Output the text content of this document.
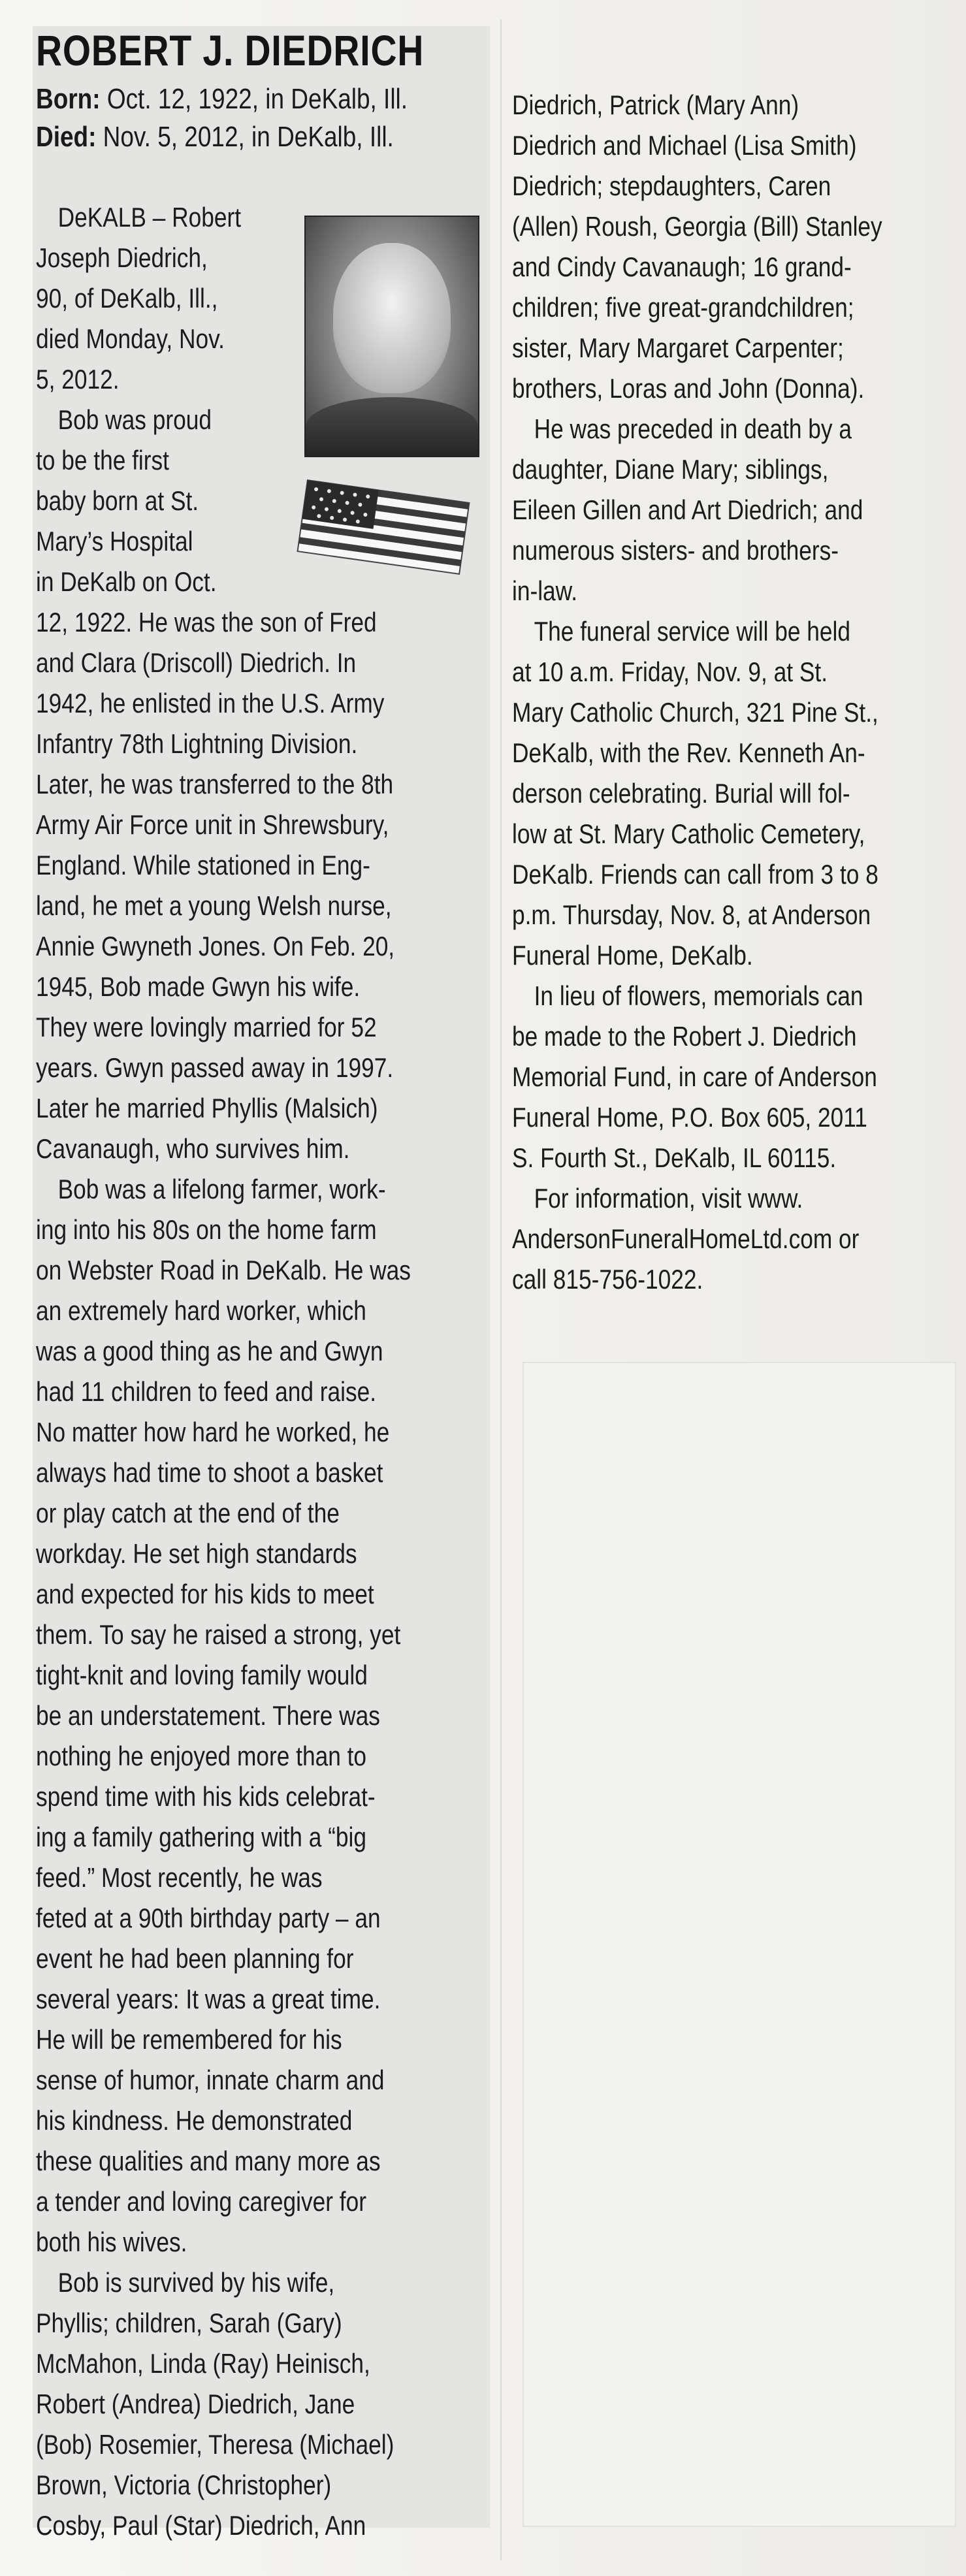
ROBERT J. DIEDRICH
Born: Oct. 12, 1922, in DeKalb, Ill.
Died: Nov. 5, 2012, in DeKalb, Ill.

DeKALB – Robert

Joseph Diedrich,

90, of DeKalb, Ill.,

died Monday, Nov.

5, 2012.

Bob was proud

to be the first

baby born at St.

Mary’s Hospital

in DeKalb on Oct.

12, 1922. He was the son of Fred

and Clara (Driscoll) Diedrich. In

1942, he enlisted in the U.S. Army

Infantry 78th Lightning Division.

Later, he was transferred to the 8th

Army Air Force unit in Shrewsbury,

England. While stationed in Eng-

land, he met a young Welsh nurse,

Annie Gwyneth Jones. On Feb. 20,

1945, Bob made Gwyn his wife.

They were lovingly married for 52

years. Gwyn passed away in 1997.

Later he married Phyllis (Malsich)

Cavanaugh, who survives him.

Bob was a lifelong farmer, work-

ing into his 80s on the home farm

on Webster Road in DeKalb. He was

an extremely hard worker, which

was a good thing as he and Gwyn

had 11 children to feed and raise.

No matter how hard he worked, he

always had time to shoot a basket

or play catch at the end of the

workday. He set high standards

and expected for his kids to meet

them. To say he raised a strong, yet

tight-knit and loving family would

be an understatement. There was

nothing he enjoyed more than to

spend time with his kids celebrat-

ing a family gathering with a “big

feed.” Most recently, he was

feted at a 90th birthday party – an

event he had been planning for

several years: It was a great time.

He will be remembered for his

sense of humor, innate charm and

his kindness. He demonstrated

these qualities and many more as

a tender and loving caregiver for

both his wives.

Bob is survived by his wife,

Phyllis; children, Sarah (Gary)

McMahon, Linda (Ray) Heinisch,

Robert (Andrea) Diedrich, Jane

(Bob) Rosemier, Theresa (Michael)

Brown, Victoria (Christopher)

Cosby, Paul (Star) Diedrich, Ann

Diedrich, Patrick (Mary Ann)

Diedrich and Michael (Lisa Smith)

Diedrich; stepdaughters, Caren

(Allen) Roush, Georgia (Bill) Stanley

and Cindy Cavanaugh; 16 grand-

children; five great-grandchildren;

sister, Mary Margaret Carpenter;

brothers, Loras and John (Donna).

He was preceded in death by a

daughter, Diane Mary; siblings,

Eileen Gillen and Art Diedrich; and

numerous sisters- and brothers-

in-law.

The funeral service will be held

at 10 a.m. Friday, Nov. 9, at St.

Mary Catholic Church, 321 Pine St.,

DeKalb, with the Rev. Kenneth An-

derson celebrating. Burial will fol-

low at St. Mary Catholic Cemetery,

DeKalb. Friends can call from 3 to 8

p.m. Thursday, Nov. 8, at Anderson

Funeral Home, DeKalb.

In lieu of flowers, memorials can

be made to the Robert J. Diedrich

Memorial Fund, in care of Anderson

Funeral Home, P.O. Box 605, 2011

S. Fourth St., DeKalb, IL 60115.

For information, visit www.

AndersonFuneralHomeLtd.com or

call 815-756-1022.
